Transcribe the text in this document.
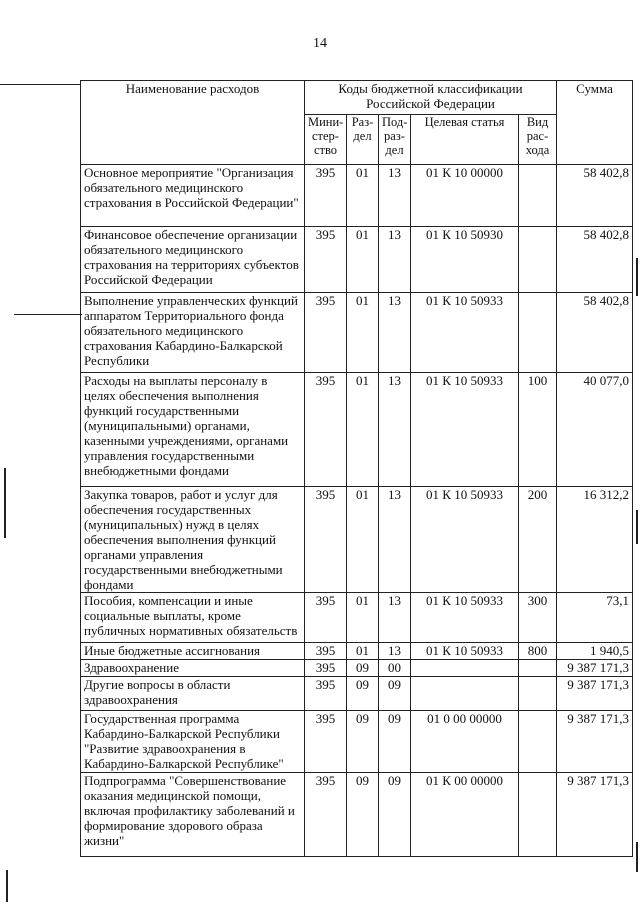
14
Наименование расходов	Коды бюджетной классификации Российской Федерации					Сумма
	Мини-стер-ство	Раз-дел	Под-раз-дел	Целевая статья	Вид рас-хода	
Основное мероприятие "Организация обязательного медицинского страхования в Российской Федерации"	395	01	13	01 К 10 00000		58 402,8
Финансовое обеспечение организации обязательного медицинского страхования на территориях субъектов Российской Федерации	395	01	13	01 К 10 50930		58 402,8
Выполнение управленческих функций аппаратом Территориального фонда обязательного медицинского страхования Кабардино-Балкарской Республики	395	01	13	01 К 10 50933		58 402,8
Расходы на выплаты персоналу в целях обеспечения выполнения функций государственными (муниципальными) органами, казенными учреждениями, органами управления государственными внебюджетными фондами	395	01	13	01 К 10 50933	100	40 077,0
Закупка товаров, работ и услуг для обеспечения государственных (муниципальных) нужд в целях обеспечения выполнения функций органами управления государственными внебюджетными фондами	395	01	13	01 К 10 50933	200	16 312,2
Пособия, компенсации и иные социальные выплаты, кроме публичных нормативных обязательств	395	01	13	01 К 10 50933	300	73,1
Иные бюджетные ассигнования	395	01	13	01 К 10 50933	800	1 940,5
Здравоохранение	395	09	00			9 387 171,3
Другие вопросы в области здравоохранения	395	09	09			9 387 171,3
Государственная программа Кабардино-Балкарской Республики "Развитие здравоохранения в Кабардино-Балкарской Республике"	395	09	09	01 0 00 00000		9 387 171,3
Подпрограмма "Совершенствование оказания медицинской помощи, включая профилактику заболеваний и формирование здорового образа жизни"	395	09	09	01 К 00 00000		9 387 171,3
